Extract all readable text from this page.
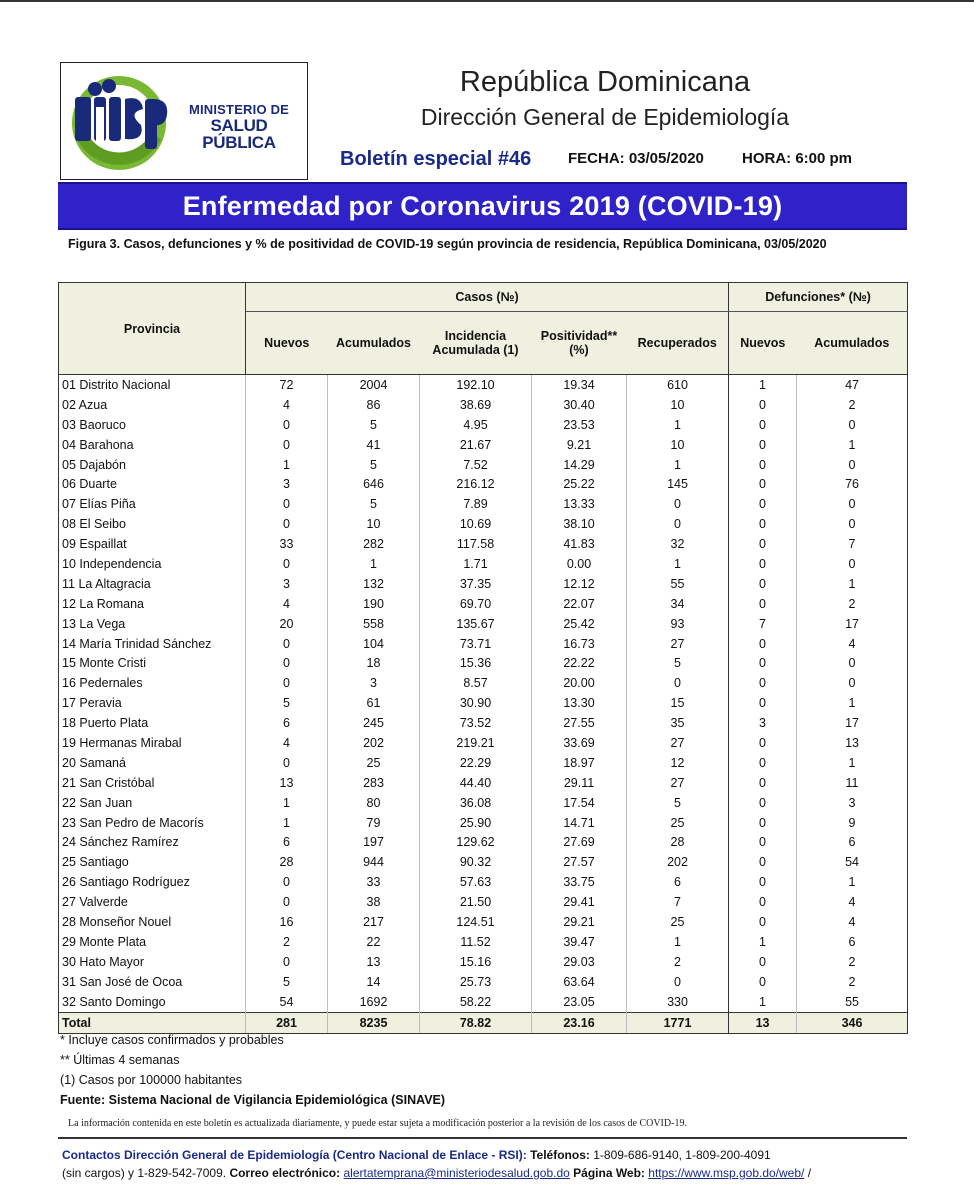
MINISTERIO DE
SALUD PÚBLICA
República Dominicana
Dirección General de Epidemiología
Boletín especial #46 FECHA: 03/05/2020	HORA: 6:00 pm
Enfermedad por Coronavirus 2019 (COVID-19)
Figura 3. Casos, defunciones y % de positividad de COVID-19 según provincia de residencia, República Dominicana, 03/05/2020
Provincia	Casos (№)					Defunciones* (№)	
	Nuevos	Acumulados	Incidencia Acumulada (1)	Positividad** (%)	Recuperados	Nuevos	Acumulados
01 Distrito Nacional	72	2004	192.10	19.34	610	1	47
02 Azua	4	86	38.69	30.40	10	0	2
03 Baoruco	0	5	4.95	23.53	1	0	0
04 Barahona	0	41	21.67	9.21	10	0	1
05 Dajabón	1	5	7.52	14.29	1	0	0
06 Duarte	3	646	216.12	25.22	145	0	76
07 Elías Piña	0	5	7.89	13.33	0	0	0
08 El Seibo	0	10	10.69	38.10	0	0	0
09 Espaillat	33	282	117.58	41.83	32	0	7
10 Independencia	0	1	1.71	0.00	1	0	0
11 La Altagracia	3	132	37.35	12.12	55	0	1
12 La Romana	4	190	69.70	22.07	34	0	2
13 La Vega	20	558	135.67	25.42	93	7	17
14 María Trinidad Sánchez	0	104	73.71	16.73	27	0	4
15 Monte Cristi	0	18	15.36	22.22	5	0	0
16 Pedernales	0	3	8.57	20.00	0	0	0
17 Peravia	5	61	30.90	13.30	15	0	1
18 Puerto Plata	6	245	73.52	27.55	35	3	17
19 Hermanas Mirabal	4	202	219.21	33.69	27	0	13
20 Samaná	0	25	22.29	18.97	12	0	1
21 San Cristóbal	13	283	44.40	29.11	27	0	11
22 San Juan	1	80	36.08	17.54	5	0	3
23 San Pedro de Macorís	1	79	25.90	14.71	25	0	9
24 Sánchez Ramírez	6	197	129.62	27.69	28	0	6
25 Santiago	28	944	90.32	27.57	202	0	54
26 Santiago Rodríguez	0	33	57.63	33.75	6	0	1
27 Valverde	0	38	21.50	29.41	7	0	4
28 Monseñor Nouel	16	217	124.51	29.21	25	0	4
29 Monte Plata	2	22	11.52	39.47	1	1	6
30 Hato Mayor	0	13	15.16	29.03	2	0	2
31 San José de Ocoa	5	14	25.73	63.64	0	0	2
32 Santo Domingo	54	1692	58.22	23.05	330	1	55
Total	281	8235	78.82	23.16	1771	13	346
* Incluye casos confirmados y probables
** Últimas 4 semanas
(1) Casos por 100000 habitantes
Fuente: Sistema Nacional de Vigilancia Epidemiológica (SINAVE)
La información contenida en este boletín es actualizada diariamente, y puede estar sujeta a modificación posterior a la revisión de los casos de COVID-19.
Contactos Dirección General de Epidemiología (Centro Nacional de Enlace - RSI): Teléfonos: 1-809-686-9140, 1-809-200-4091
(sin cargos) y 1-829-542-7009. Correo electrónico: alertatemprana@ministeriodesalud.gob.do Página Web: https://www.msp.gob.do/web/ /
